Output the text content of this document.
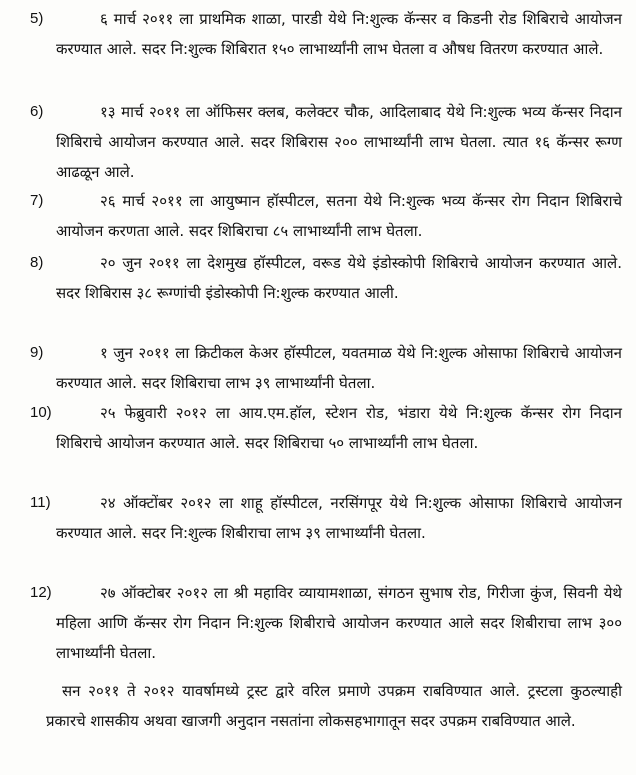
5)	६ मार्च २०११ ला प्राथमिक शाळा, पारडी येथे नि:शुल्क कॅन्सर व किडनी रोड शिबिराचे आयोजन करण्यात आले. सदर नि:शुल्क शिबिरात १५० लाभार्थ्यांनी लाभ घेतला व औषध वितरण करण्यात आले.
6)	१३ मार्च २०११ ला ऑफिसर क्लब, कलेक्टर चौक, आदिलाबाद येथे नि:शुल्क भव्य कॅन्सर निदान शिबिराचे आयोजन करण्यात आले. सदर शिबिरास २०० लाभार्थ्यांनी लाभ घेतला. त्यात १६ कॅन्सर रूग्ण आढळून आले.
7)	२६ मार्च २०११ ला आयुष्मान हॉस्पीटल, सतना येथे नि:शुल्क भव्य कॅन्सर रोग निदान शिबिराचे आयोजन करणता आले. सदर शिबिराचा ८५ लाभार्थ्यांनी लाभ घेतला.
8)	२० जुन २०११ ला देशमुख हॉस्पीटल, वरूड येथे इंडोस्कोपी शिबिराचे आयोजन करण्यात आले. सदर शिबिरास ३८ रूग्णांची इंडोस्कोपी नि:शुल्क करण्यात आली.
9)	१ जुन २०११ ला क्रिटीकल केअर हॉस्पीटल, यवतमाळ येथे नि:शुल्क ओसाफा शिबिराचे आयोजन करण्यात आले. सदर शिबिराचा लाभ ३९ लाभार्थ्यांनी घेतला.
10)	२५ फेब्रुवारी २०१२ ला आय.एम.हॉल, स्टेशन रोड, भंडारा येथे नि:शुल्क कॅन्सर रोग निदान शिबिराचे आयोजन करण्यात आले. सदर शिबिराचा ५० लाभार्थ्यांनी लाभ घेतला.
11)	२४ ऑक्टोंबर २०१२ ला शाहू हॉस्पीटल, नरसिंगपूर येथे नि:शुल्क ओसाफा शिबिराचे आयोजन करण्यात आले. सदर नि:शुल्क शिबीराचा लाभ ३९ लाभार्थ्यांनी घेतला.
12)	२७ ऑक्टोबर २०१२ ला श्री महाविर व्यायामशाळा, संगठन सुभाष रोड, गिरीजा कुंज, सिवनी येथे महिला आणि कॅन्सर रोग निदान नि:शुल्क शिबीराचे आयोजन करण्यात आले सदर शिबीराचा लाभ ३०० लाभार्थ्यांनी घेतला.
सन २०११ ते २०१२ यावर्षामध्ये ट्रस्ट द्वारे वरिल प्रमाणे उपक्रम राबविण्यात आले. ट्रस्टला कुठल्याही प्रकारचे शासकीय अथवा खाजगी अनुदान नसतांना लोकसहभागातून सदर उपक्रम राबविण्यात आले.
